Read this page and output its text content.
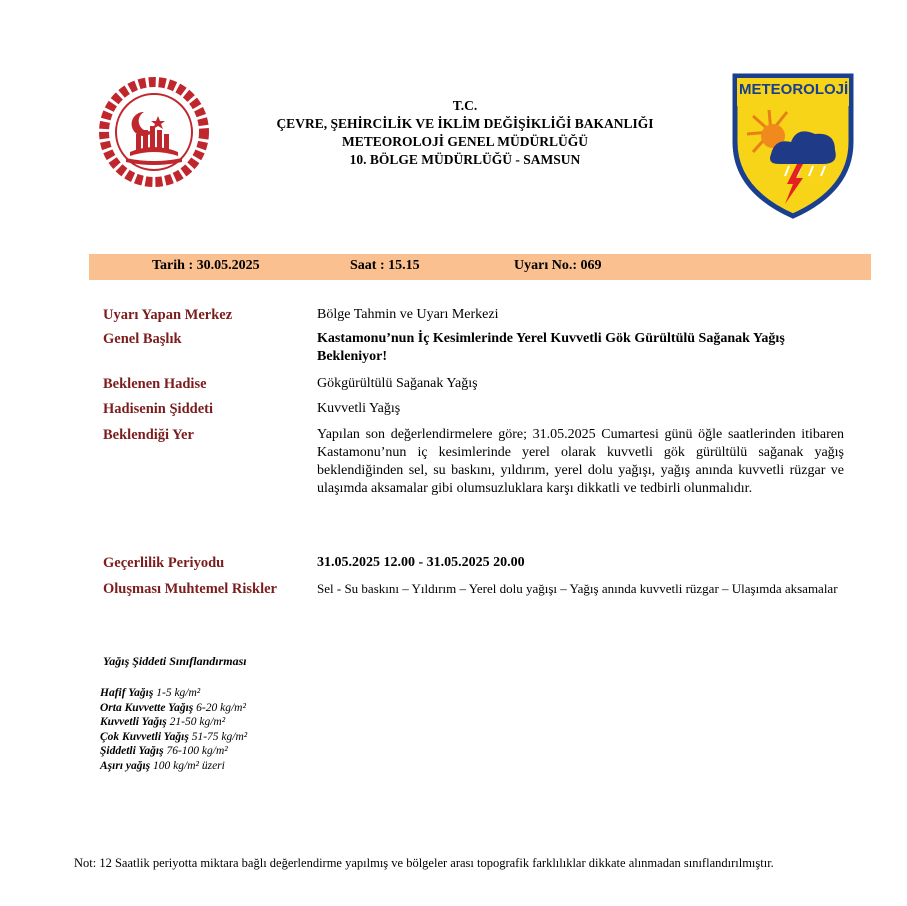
METEOROLOJİ
T.C.
ÇEVRE, ŞEHİRCİLİK VE İKLİM DEĞİŞİKLİĞİ BAKANLIĞI
METEOROLOJİ GENEL MÜDÜRLÜĞÜ
10. BÖLGE MÜDÜRLÜĞÜ - SAMSUN
Tarih : 30.05.2025	Saat : 15.15	Uyarı No.: 069
Uyarı Yapan Merkez	Bölge Tahmin ve Uyarı Merkezi
Genel Başlık	Kastamonu’nun İç Kesimlerinde Yerel Kuvvetli Gök Gürültülü Sağanak Yağış Bekleniyor!
Beklenen Hadise	Gökgürültülü Sağanak Yağış
Hadisenin Şiddeti	Kuvvetli Yağış
Beklendiği Yer	Yapılan son değerlendirmelere göre; 31.05.2025 Cumartesi günü öğle saatlerinden itibaren Kastamonu’nun iç kesimlerinde yerel olarak kuvvetli gök gürültülü sağanak yağış beklendiğinden sel, su baskını, yıldırım, yerel dolu yağışı, yağış anında kuvvetli rüzgar ve ulaşımda aksamalar gibi olumsuzluklara karşı dikkatli ve tedbirli olunmalıdır.
Geçerlilik Periyodu	31.05.2025 12.00 - 31.05.2025 20.00
Oluşması Muhtemel Riskler	Sel - Su baskını – Yıldırım – Yerel dolu yağışı – Yağış anında kuvvetli rüzgar – Ulaşımda aksamalar
Yağış Şiddeti Sınıflandırması
Hafif Yağış 1-5 kg/m²
Orta Kuvvette Yağış 6-20 kg/m²
Kuvvetli Yağış 21-50 kg/m²
Çok Kuvvetli Yağış 51-75 kg/m²
Şiddetli Yağış 76-100 kg/m²
Aşırı yağış 100 kg/m² üzeri
Not: 12 Saatlik periyotta miktara bağlı değerlendirme yapılmış ve bölgeler arası topografik farklılıklar dikkate alınmadan sınıflandırılmıştır.
